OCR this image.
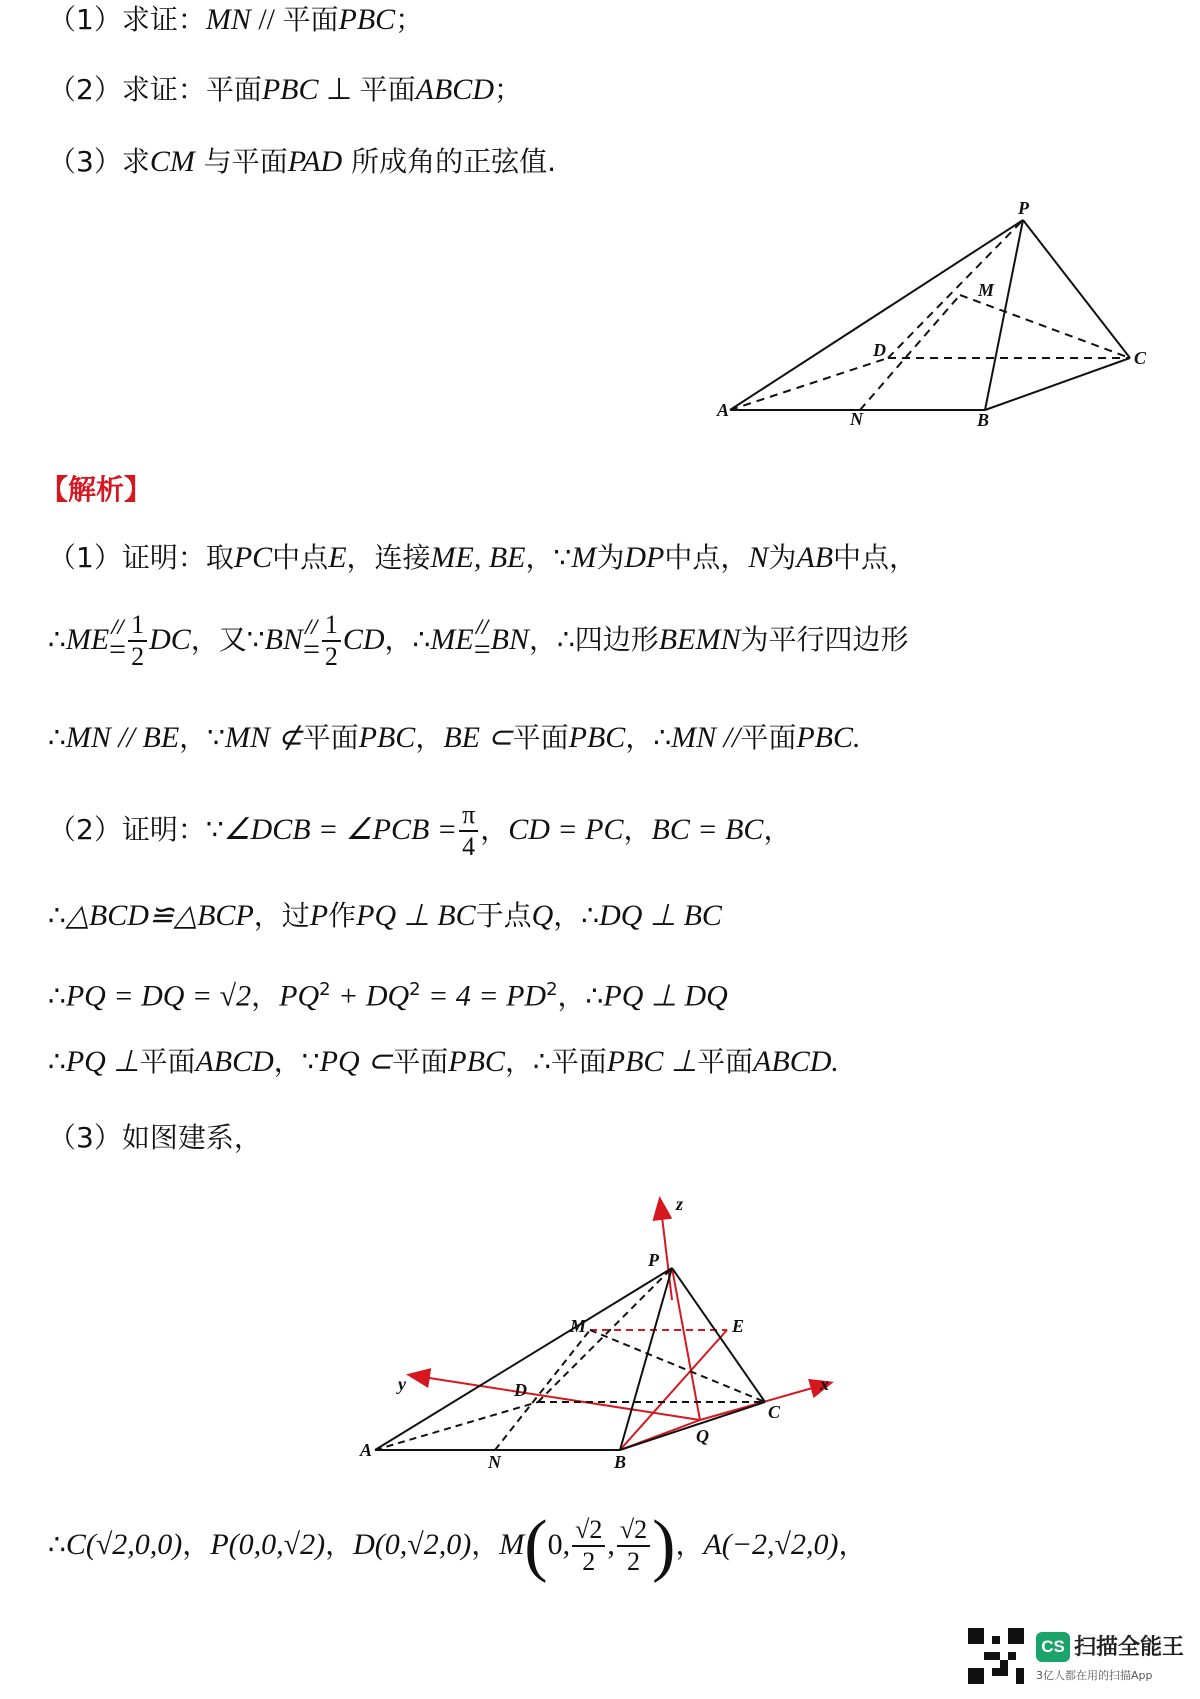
（1）求证：MN // 平面PBC；
（2）求证：平面PBC ⊥ 平面ABCD；
（3）求CM 与平面PAD 所成角的正弦值.
P
M
D	C
A	N	B
【解析】
（1）证明：取PC中点E，连接ME, BE，∵M为DP中点，N为AB中点，
∴ME //
= $\frac{1}{2}$ DC，又∵BN //
= $\frac{1}{2}$ CD，∴ME //
= BN，∴四边形BEMN为平行四边形
∴MN // BE，∵MN ⊄平面PBC，BE ⊂平面PBC，∴MN //平面PBC.
（2）证明：∵∠DCB = ∠PCB = $\frac{\pi}{4}$ ，CD = PC，BC = BC，
∴△BCD≌△BCP，过P作PQ ⊥ BC于点Q，∴DQ ⊥ BC
∴PQ = DQ = √2，$PQ^2 + DQ^2 = 4 = PD^2$，∴PQ ⊥ DQ
∴PQ ⊥平面ABCD，∵PQ ⊂平面PBC，∴平面PBC ⊥平面ABCD.
（3）如图建系，
z
P
M	E
y	D	x
C
Q
A
N	B
∴C(√2,0,0)，P(0,0,√2)，D(0,√2,0)，M(0, $\frac{√2}{2}$ , $\frac{√2}{2}$ )，A(−2,√2,0)，
CS 扫描全能王
3亿人都在用的扫描App
